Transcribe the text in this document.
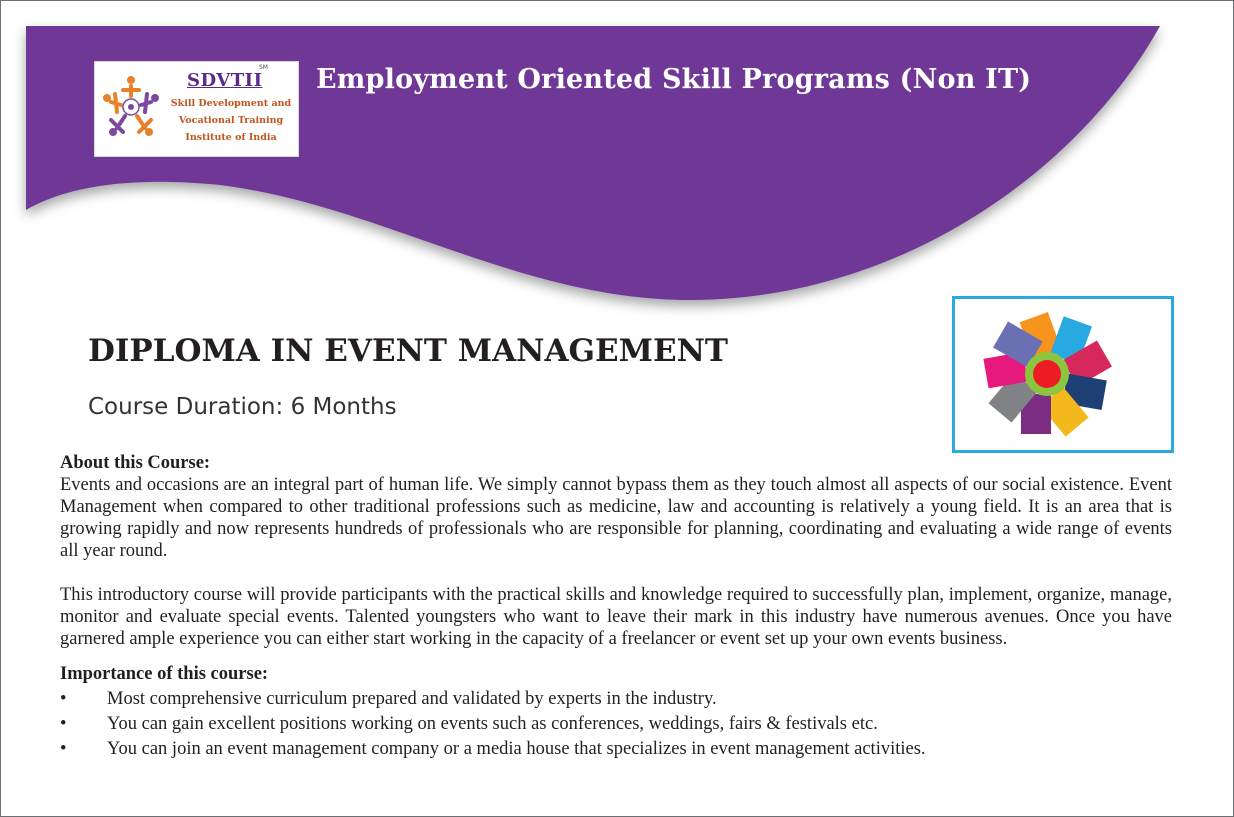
SM
SDVTII
Skill Development and
Vocational Training
Institute of India
Employment Oriented Skill Programs (Non IT)
DIPLOMA IN EVENT MANAGEMENT
Course Duration: 6 Months

About this Course:

Events and occasions are an integral part of human life. We simply cannot bypass them as they touch almost all aspects of our social existence. Event Management when compared to other traditional professions such as medicine, law and accounting is relatively a young field. It is an area that is growing rapidly and now represents hundreds of professionals who are responsible for planning, coordinating and evaluating a wide range of events all year round.

This introductory course will provide participants with the practical skills and knowledge required to successfully plan, implement, organize, manage, monitor and evaluate special events. Talented youngsters who want to leave their mark in this industry have numerous avenues. Once you have garnered ample experience you can either start working in the capacity of a freelancer or event set up your own events business.

Importance of this course:

• Most comprehensive curriculum prepared and validated by experts in the industry.
• You can gain excellent positions working on events such as conferences, weddings, fairs & festivals etc.
• You can join an event management company or a media house that specializes in event management activities.
